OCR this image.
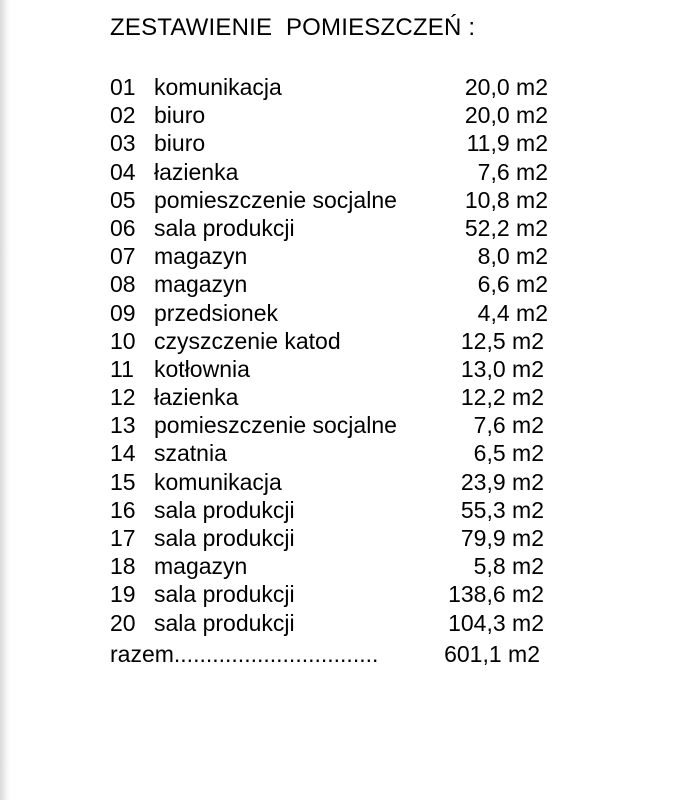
ZESTAWIENIE  POMIESZCZEŃ :
01 komunikacja	20,0 m2
02 biuro	20,0 m2
03 biuro	11,9 m2
04 łazienka	7,6 m2
05 pomieszczenie socjalne	10,8 m2
06 sala produkcji	52,2 m2
07 magazyn	8,0 m2
08 magazyn	6,6 m2
09 przedsionek	4,4 m2
10 czyszczenie katod	12,5 m2
11 kotłownia	13,0 m2
12 łazienka	12,2 m2
13 pomieszczenie socjalne	7,6 m2
14 szatnia	6,5 m2
15 komunikacja	23,9 m2
16 sala produkcji	55,3 m2
17 sala produkcji	79,9 m2
18 magazyn	5,8 m2
19 sala produkcji	138,6 m2
20 sala produkcji	104,3 m2
razem................................	601,1 m2
